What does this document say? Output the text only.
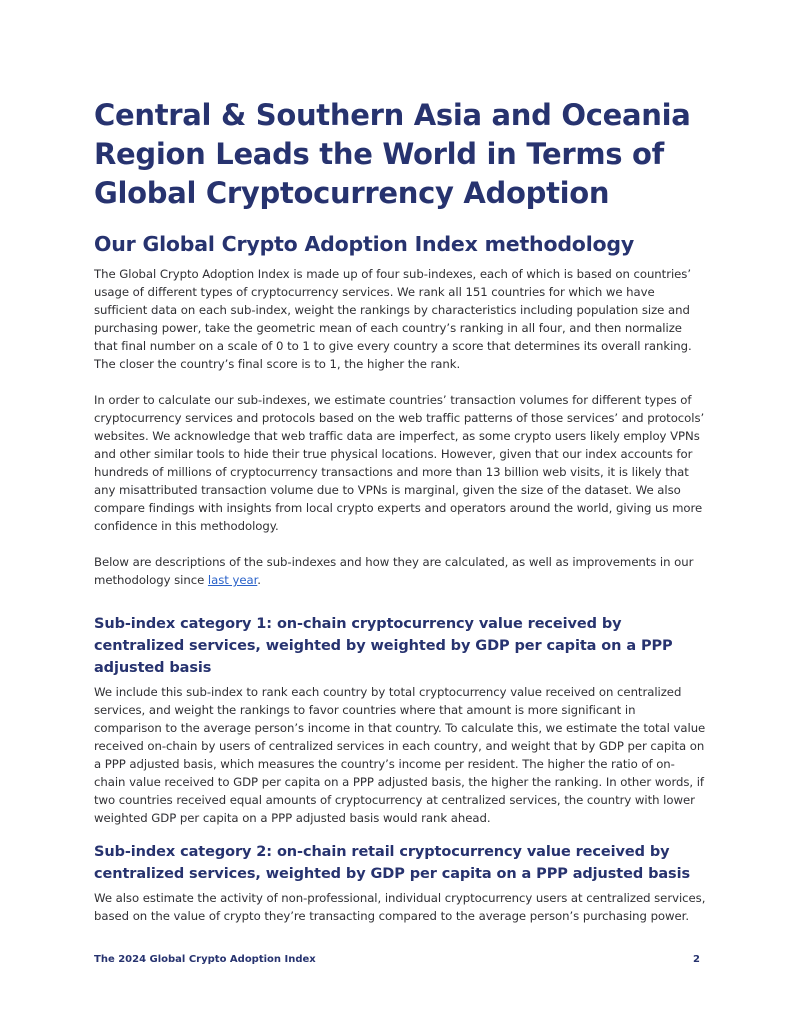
Central & Southern Asia and Oceania Region Leads the World in Terms of Global Cryptocurrency Adoption
Our Global Crypto Adoption Index methodology

The Global Crypto Adoption Index is made up of four sub-indexes, each of which is based on countries’ usage of different types of cryptocurrency services. We rank all 151 countries for which we have sufficient data on each sub-index, weight the rankings by characteristics including population size and purchasing power, take the geometric mean of each country’s ranking in all four, and then normalize that final number on a scale of 0 to 1 to give every country a score that determines its overall ranking. The closer the country’s final score is to 1, the higher the rank.

In order to calculate our sub-indexes, we estimate countries’ transaction volumes for different types of cryptocurrency services and protocols based on the web traffic patterns of those services’ and protocols’ websites. We acknowledge that web traffic data are imperfect, as some crypto users likely employ VPNs and other similar tools to hide their true physical locations. However, given that our index accounts for hundreds of millions of cryptocurrency transactions and more than 13 billion web visits, it is likely that any misattributed transaction volume due to VPNs is marginal, given the size of the dataset. We also compare findings with insights from local crypto experts and operators around the world, giving us more confidence in this methodology.

Below are descriptions of the sub-indexes and how they are calculated, as well as improvements in our methodology since last year.

Sub-index category 1: on-chain cryptocurrency value received by centralized services, weighted by weighted by GDP per capita on a PPP adjusted basis

We include this sub-index to rank each country by total cryptocurrency value received on centralized services, and weight the rankings to favor countries where that amount is more significant in comparison to the average person’s income in that country. To calculate this, we estimate the total value received on-chain by users of centralized services in each country, and weight that by GDP per capita on a PPP adjusted basis, which measures the country’s income per resident. The higher the ratio of on-chain value received to GDP per capita on a PPP adjusted basis, the higher the ranking. In other words, if two countries received equal amounts of cryptocurrency at centralized services, the country with lower weighted GDP per capita on a PPP adjusted basis would rank ahead.

Sub-index category 2: on-chain retail cryptocurrency value received by centralized services, weighted by GDP per capita on a PPP adjusted basis

We also estimate the activity of non-professional, individual cryptocurrency users at centralized services, based on the value of crypto they’re transacting compared to the average person’s purchasing power.

The 2024 Global Crypto Adoption Index	2
